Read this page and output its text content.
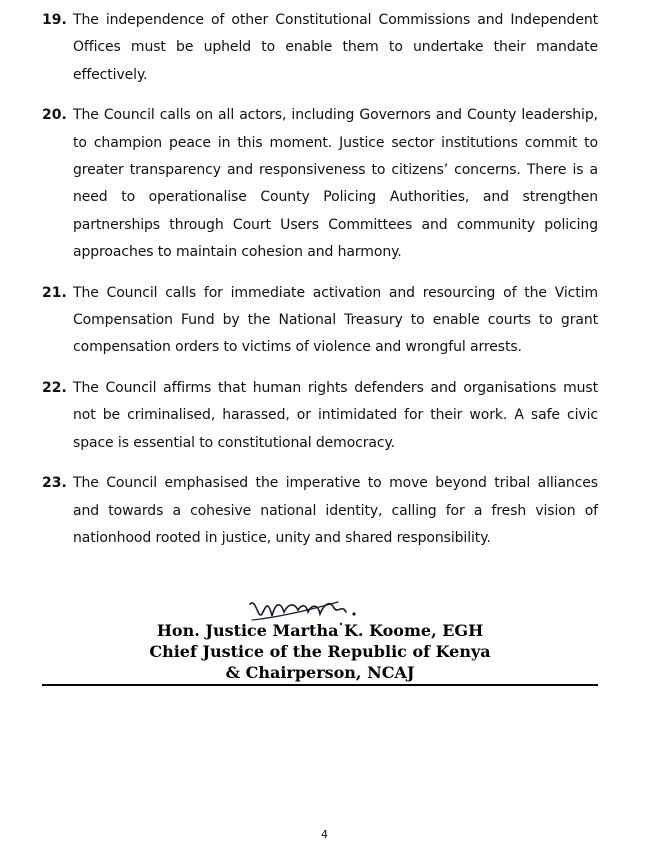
19. The independence of other Constitutional Commissions and Independent Offices must be upheld to enable them to undertake their mandate effectively.
20. The Council calls on all actors, including Governors and County leadership, to champion peace in this moment. Justice sector institutions commit to greater transparency and responsiveness to citizens’ concerns. There is a need to operationalise County Policing Authorities, and strengthen partnerships through Court Users Committees and community policing approaches to maintain cohesion and harmony.
21. The Council calls for immediate activation and resourcing of the Victim Compensation Fund by the National Treasury to enable courts to grant compensation orders to victims of violence and wrongful arrests.
22. The Council affirms that human rights defenders and organisations must not be criminalised, harassed, or intimidated for their work. A safe civic space is essential to constitutional democracy.
23. The Council emphasised the imperative to move beyond tribal alliances and towards a cohesive national identity, calling for a fresh vision of nationhood rooted in justice, unity and shared responsibility.
Hon. Justice Martha K. Koome, EGH
Chief Justice of the Republic of Kenya
& Chairperson, NCAJ
4
